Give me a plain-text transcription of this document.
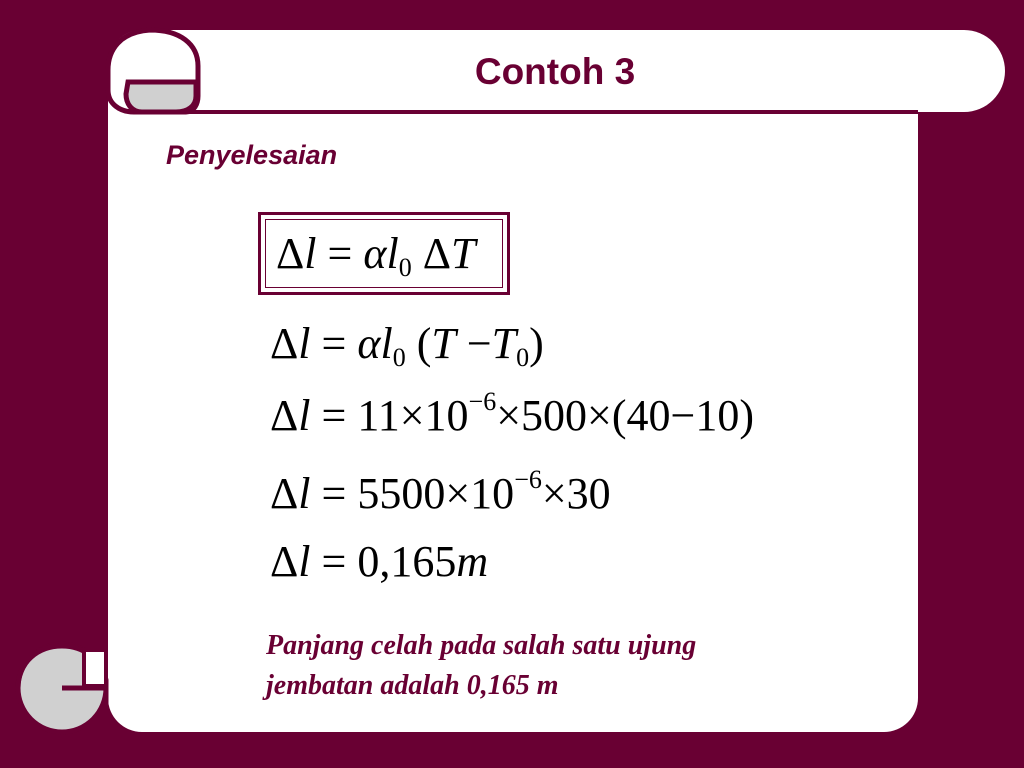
Contoh 3
Penyelesaian
$\Delta l = \alpha l_0$ ΔT
$\Delta l = \alpha l_0$ $(T -T_0)$
$\Delta l = 11\times 10^{-6}\times 500\times(40-10)$
$\Delta l = 5500\times 10^{-6}\times 30$
Δl = 0,165m
Panjang celah pada salah satu ujung
jembatan adalah 0,165 m
